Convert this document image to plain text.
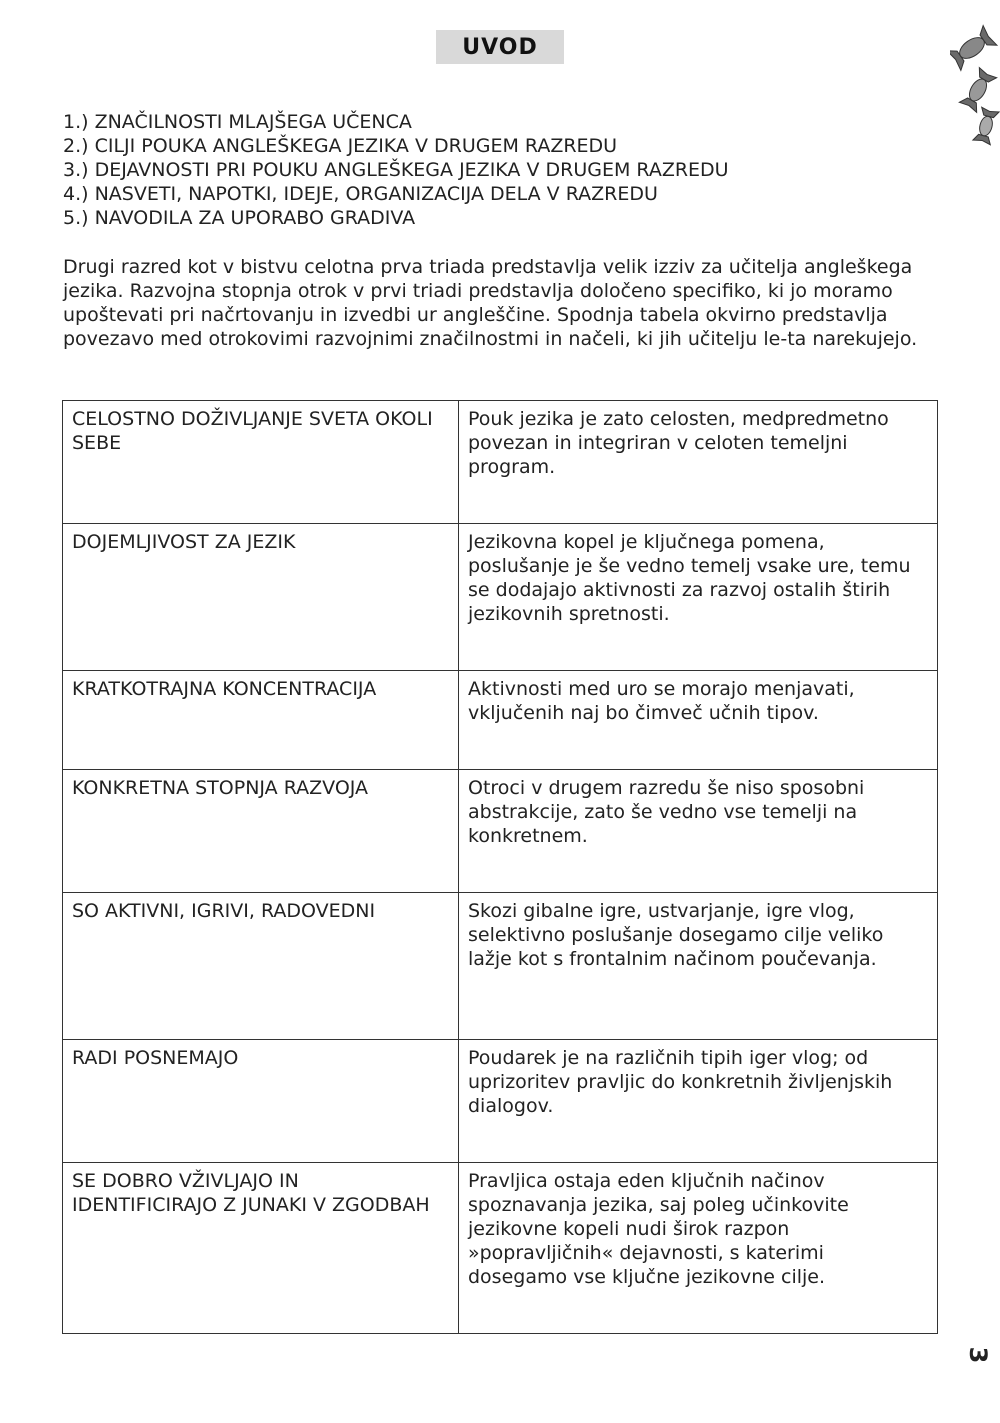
UVOD
1.) ZNAČILNOSTI MLAJŠEGA UČENCA
2.) CILJI POUKA ANGLEŠKEGA JEZIKA V DRUGEM RAZREDU
3.) DEJAVNOSTI PRI POUKU ANGLEŠKEGA JEZIKA V DRUGEM RAZREDU
4.) NASVETI, NAPOTKI, IDEJE, ORGANIZACIJA DELA V RAZREDU
5.) NAVODILA ZA UPORABO GRADIVA

Drugi razred kot v bistvu celotna prva triada predstavlja velik izziv za učitelja angleškega jezika. Razvojna stopnja otrok v prvi triadi predstavlja določeno specifiko, ki jo moramo upoštevati pri načrtovanju in izvedbi ur angleščine. Spodnja tabela okvirno predstavlja povezavo med otrokovimi razvojnimi značilnostmi in načeli, ki jih učitelju le-ta narekujejo.

CELOSTNO DOŽIVLJANJE SVETA OKOLI SEBE	Pouk jezika je zato celosten, medpredmetno povezan in integriran v celoten temeljni program.
DOJEMLJIVOST ZA JEZIK	Jezikovna kopel je ključnega pomena, poslušanje je še vedno temelj vsake ure, temu se dodajajo aktivnosti za razvoj ostalih štirih jezikovnih spretnosti.
KRATKOTRAJNA KONCENTRACIJA	Aktivnosti med uro se morajo menjavati, vključenih naj bo čimveč učnih tipov.
KONKRETNA STOPNJA RAZVOJA	Otroci v drugem razredu še niso sposobni abstrakcije, zato še vedno vse temelji na konkretnem.
SO AKTIVNI, IGRIVI, RADOVEDNI	Skozi gibalne igre, ustvarjanje, igre vlog, selektivno poslušanje dosegamo cilje veliko lažje kot s frontalnim načinom poučevanja.
RADI POSNEMAJO	Poudarek je na različnih tipih iger vlog; od uprizoritev pravljic do konkretnih življenjskih dialogov.
SE DOBRO VŽIVLJAJO IN IDENTIFICIRAJO Z JUNAKI V ZGODBAH	Pravljica ostaja eden ključnih načinov spoznavanja jezika, saj poleg učinkovite jezikovne kopeli nudi širok razpon »popravljičnih« dejavnosti, s katerimi dosegamo vse ključne jezikovne cilje.
3
